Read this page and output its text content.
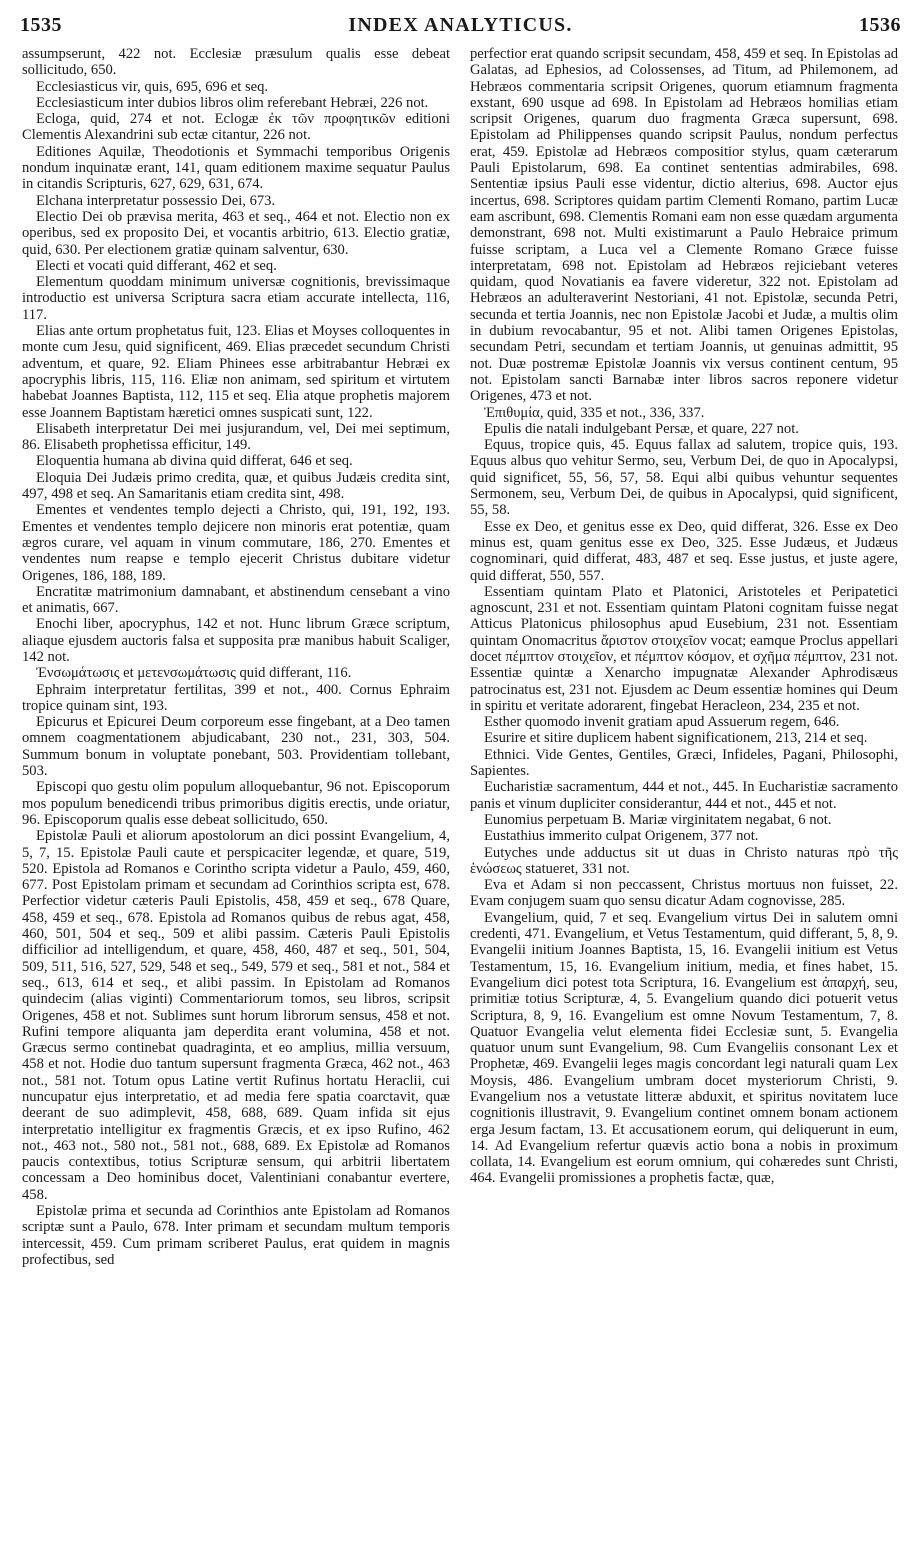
1535	INDEX ANALYTICUS.	1536

assumpserunt, 422 not. Ecclesiæ præsulum qualis esse debeat sollicitudo, 650.

Ecclesiasticus vir, quis, 695, 696 et seq.

Ecclesiasticum inter dubios libros olim referebant Hebræi, 226 not.

Ecloga, quid, 274 et not. Eclogæ ἐκ τῶν προφητικῶν editioni Clementis Alexandrini sub ectæ citantur, 226 not.

Editiones Aquilæ, Theodotionis et Symmachi temporibus Origenis nondum inquinatæ erant, 141, quam editionem maxime sequatur Paulus in citandis Scripturis, 627, 629, 631, 674.

Elchana interpretatur possessio Dei, 673.

Electio Dei ob prævisa merita, 463 et seq., 464 et not. Electio non ex operibus, sed ex proposito Dei, et vocantis arbitrio, 613. Electio gratiæ, quid, 630. Per electionem gratiæ quinam salventur, 630.

Electi et vocati quid differant, 462 et seq.

Elementum quoddam minimum universæ cognitionis, brevissimaque introductio est universa Scriptura sacra etiam accurate intellecta, 116, 117.

Elias ante ortum prophetatus fuit, 123. Elias et Moyses colloquentes in monte cum Jesu, quid significent, 469. Elias præcedet secundum Christi adventum, et quare, 92. Eliam Phinees esse arbitrabantur Hebræi ex apocryphis libris, 115, 116. Eliæ non animam, sed spiritum et virtutem habebat Joannes Baptista, 112, 115 et seq. Elia atque prophetis majorem esse Joannem Baptistam hæretici omnes suspicati sunt, 122.

Elisabeth interpretatur Dei mei jusjurandum, vel, Dei mei septimum, 86. Elisabeth prophetissa efficitur, 149.

Eloquentia humana ab divina quid differat, 646 et seq.

Eloquia Dei Judæis primo credita, quæ, et quibus Judæis credita sint, 497, 498 et seq. An Samaritanis etiam credita sint, 498.

Ementes et vendentes templo dejecti a Christo, qui, 191, 192, 193. Ementes et vendentes templo dejicere non minoris erat potentiæ, quam ægros curare, vel aquam in vinum commutare, 186, 270. Ementes et vendentes num reapse e templo ejecerit Christus dubitare videtur Origenes, 186, 188, 189.

Encratitæ matrimonium damnabant, et abstinendum censebant a vino et animatis, 667.

Enochi liber, apocryphus, 142 et not. Hunc librum Græce scriptum, aliaque ejusdem auctoris falsa et supposita præ manibus habuit Scaliger, 142 not.

Ἐνσωμάτωσις et μετενσωμάτωσις quid differant, 116.

Ephraim interpretatur fertilitas, 399 et not., 400. Cornus Ephraim tropice quinam sint, 193.

Epicurus et Epicurei Deum corporeum esse fingebant, at a Deo tamen omnem coagmentationem abjudicabant, 230 not., 231, 303, 504. Summum bonum in voluptate ponebant, 503. Providentiam tollebant, 503.

Episcopi quo gestu olim populum alloquebantur, 96 not. Episcoporum mos populum benedicendi tribus primoribus digitis erectis, unde oriatur, 96. Episcoporum qualis esse debeat sollicitudo, 650.

Epistolæ Pauli et aliorum apostolorum an dici possint Evangelium, 4, 5, 7, 15. Epistolæ Pauli caute et perspicaciter legendæ, et quare, 519, 520. Epistola ad Romanos e Corintho scripta videtur a Paulo, 459, 460, 677. Post Epistolam primam et secundam ad Corinthios scripta est, 678. Perfectior videtur cæteris Pauli Epistolis, 458, 459 et seq., 678 Quare, 458, 459 et seq., 678. Epistola ad Romanos quibus de rebus agat, 458, 460, 501, 504 et seq., 509 et alibi passim. Cæteris Pauli Epistolis difficilior ad intelligendum, et quare, 458, 460, 487 et seq., 501, 504, 509, 511, 516, 527, 529, 548 et seq., 549, 579 et seq., 581 et not., 584 et seq., 613, 614 et seq., et alibi passim. In Epistolam ad Romanos quindecim (alias viginti) Commentariorum tomos, seu libros, scripsit Origenes, 458 et not. Sublimes sunt horum librorum sensus, 458 et not. Rufini tempore aliquanta jam deperdita erant volumina, 458 et not. Græcus sermo continebat quadraginta, et eo amplius, millia versuum, 458 et not. Hodie duo tantum supersunt fragmenta Græca, 462 not., 463 not., 581 not. Totum opus Latine vertit Rufinus hortatu Heraclii, cui nuncupatur ejus interpretatio, et ad media fere spatia coarctavit, quæ deerant de suo adimplevit, 458, 688, 689. Quam infida sit ejus interpretatio intelligitur ex fragmentis Græcis, et ex ipso Rufino, 462 not., 463 not., 580 not., 581 not., 688, 689. Ex Epistolæ ad Romanos paucis contextibus, totius Scripturæ sensum, qui arbitrii libertatem concessam a Deo hominibus docet, Valentiniani conabantur evertere, 458.

Epistolæ prima et secunda ad Corinthios ante Epistolam ad Romanos scriptæ sunt a Paulo, 678. Inter primam et secundam multum temporis intercessit, 459. Cum primam scriberet Paulus, erat quidem in magnis profectibus, sed

perfectior erat quando scripsit secundam, 458, 459 et seq. In Epistolas ad Galatas, ad Ephesios, ad Colossenses, ad Titum, ad Philemonem, ad Hebræos commentaria scripsit Origenes, quorum etiamnum fragmenta exstant, 690 usque ad 698. In Epistolam ad Hebræos homilias etiam scripsit Origenes, quarum duo fragmenta Græca supersunt, 698. Epistolam ad Philippenses quando scripsit Paulus, nondum perfectus erat, 459. Epistolæ ad Hebræos compositior stylus, quam cæterarum Pauli Epistolarum, 698. Ea continet sententias admirabiles, 698. Sententiæ ipsius Pauli esse videntur, dictio alterius, 698. Auctor ejus incertus, 698. Scriptores quidam partim Clementi Romano, partim Lucæ eam ascribunt, 698. Clementis Romani eam non esse quædam argumenta demonstrant, 698 not. Multi existimarunt a Paulo Hebraice primum fuisse scriptam, a Luca vel a Clemente Romano Græce fuisse interpretatam, 698 not. Epistolam ad Hebræos rejiciebant veteres quidam, quod Novatianis ea favere videretur, 322 not. Epistolam ad Hebræos an adulteraverint Nestoriani, 41 not. Epistolæ, secunda Petri, secunda et tertia Joannis, nec non Epistolæ Jacobi et Judæ, a multis olim in dubium revocabantur, 95 et not. Alibi tamen Origenes Epistolas, secundam Petri, secundam et tertiam Joannis, ut genuinas admittit, 95 not. Duæ postremæ Epistolæ Joannis vix versus continent centum, 95 not. Epistolam sancti Barnabæ inter libros sacros reponere videtur Origenes, 473 et not.

Ἐπιθυμία, quid, 335 et not., 336, 337.

Epulis die natali indulgebant Persæ, et quare, 227 not.

Equus, tropice quis, 45. Equus fallax ad salutem, tropice quis, 193. Equus albus quo vehitur Sermo, seu, Verbum Dei, de quo in Apocalypsi, quid significet, 55, 56, 57, 58. Equi albi quibus vehuntur sequentes Sermonem, seu, Verbum Dei, de quibus in Apocalypsi, quid significent, 55, 58.

Esse ex Deo, et genitus esse ex Deo, quid differat, 326. Esse ex Deo minus est, quam genitus esse ex Deo, 325. Esse Judæus, et Judæus cognominari, quid differat, 483, 487 et seq. Esse justus, et juste agere, quid differat, 550, 557.

Essentiam quintam Plato et Platonici, Aristoteles et Peripatetici agnoscunt, 231 et not. Essentiam quintam Platoni cognitam fuisse negat Atticus Platonicus philosophus apud Eusebium, 231 not. Essentiam quintam Onomacritus ἄριστον στοιχεῖον vocat; eamque Proclus appellari docet πέμπτον στοιχεῖον, et πέμπτον κόσμον, et σχῆμα πέμπτον, 231 not. Essentiæ quintæ a Xenarcho impugnatæ Alexander Aphrodisæus patrocinatus est, 231 not. Ejusdem ac Deum essentiæ homines qui Deum in spiritu et veritate adorarent, fingebat Heracleon, 234, 235 et not.

Esther quomodo invenit gratiam apud Assuerum regem, 646.

Esurire et sitire duplicem habent significationem, 213, 214 et seq.

Ethnici. Vide Gentes, Gentiles, Græci, Infideles, Pagani, Philosophi, Sapientes.

Eucharistiæ sacramentum, 444 et not., 445. In Eucharistiæ sacramento panis et vinum dupliciter considerantur, 444 et not., 445 et not.

Eunomius perpetuam B. Mariæ virginitatem negabat, 6 not.

Eustathius immerito culpat Origenem, 377 not.

Eutyches unde adductus sit ut duas in Christo naturas πρὸ τῆς ἑνώσεως statueret, 331 not.

Eva et Adam si non peccassent, Christus mortuus non fuisset, 22. Evam conjugem suam quo sensu dicatur Adam cognovisse, 285.

Evangelium, quid, 7 et seq. Evangelium virtus Dei in salutem omni credenti, 471. Evangelium, et Vetus Testamentum, quid differant, 5, 8, 9. Evangelii initium Joannes Baptista, 15, 16. Evangelii initium est Vetus Testamentum, 15, 16. Evangelium initium, media, et fines habet, 15. Evangelium dici potest tota Scriptura, 16. Evangelium est ἀπαρχή, seu, primitiæ totius Scripturæ, 4, 5. Evangelium quando dici potuerit vetus Scriptura, 8, 9, 16. Evangelium est omne Novum Testamentum, 7, 8. Quatuor Evangelia velut elementa fidei Ecclesiæ sunt, 5. Evangelia quatuor unum sunt Evangelium, 98. Cum Evangeliis consonant Lex et Prophetæ, 469. Evangelii leges magis concordant legi naturali quam Lex Moysis, 486. Evangelium umbram docet mysteriorum Christi, 9. Evangelium nos a vetustate litteræ abduxit, et spiritus novitatem luce cognitionis illustravit, 9. Evangelium continet omnem bonam actionem erga Jesum factam, 13. Et accusationem eorum, qui deliquerunt in eum, 14. Ad Evangelium refertur quævis actio bona a nobis in proximum collata, 14. Evangelium est eorum omnium, qui cohæredes sunt Christi, 464. Evangelii promissiones a prophetis factæ, quæ,
